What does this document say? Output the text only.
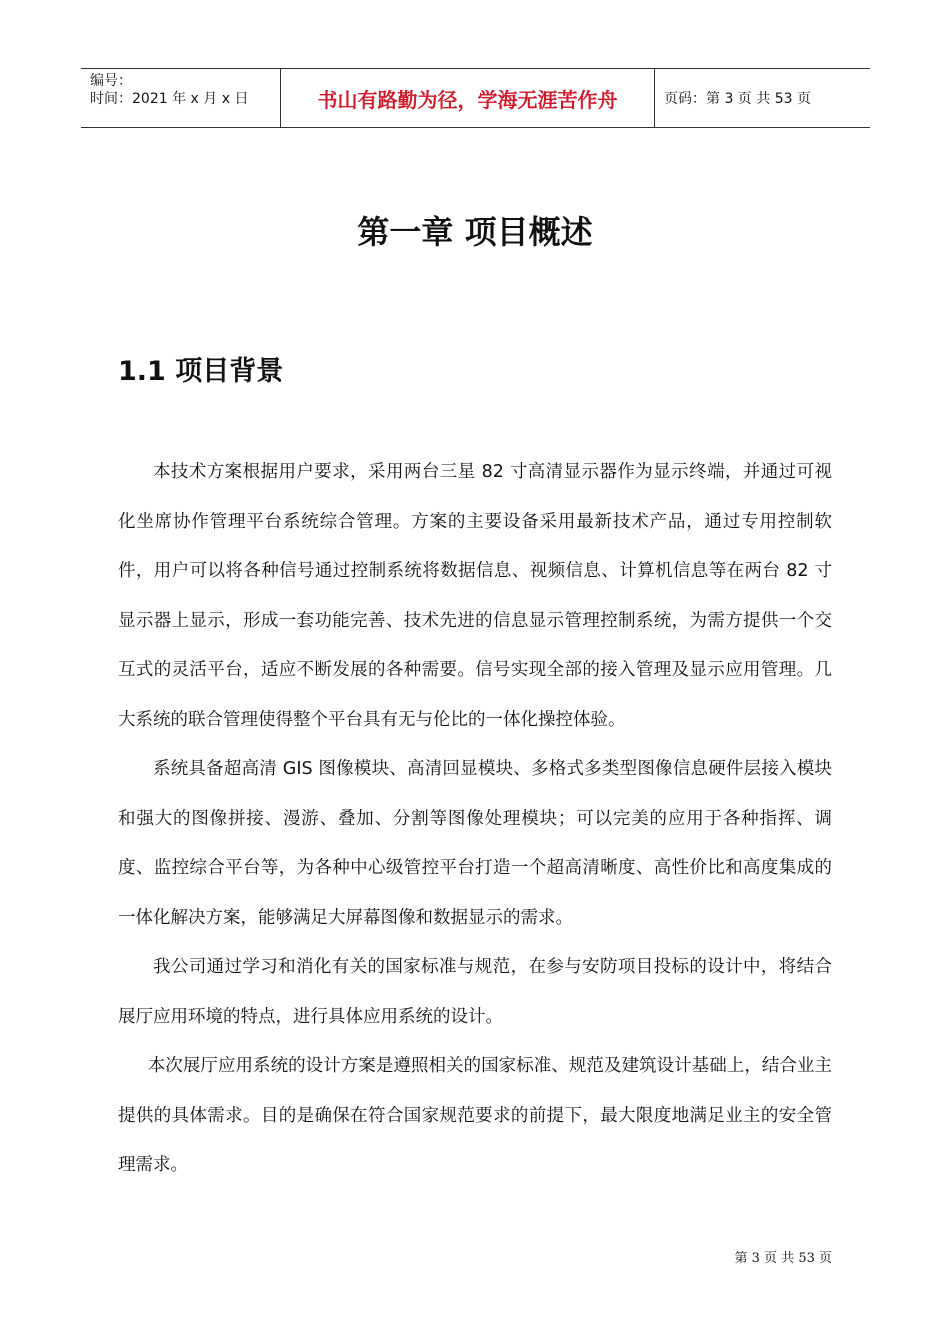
编号：
时间：2021 年 x 月 x 日	书山有路勤为径，学海无涯苦作舟	页码：第 3 页 共 53 页
第一章 项目概述
1.1 项目背景

本技术方案根据用户要求，采用两台三星 82 寸高清显示器作为显示终端，并通过可视化坐席协作管理平台系统综合管理。方案的主要设备采用最新技术产品，通过专用控制软件，用户可以将各种信号通过控制系统将数据信息、视频信息、计算机信息等在两台 82 寸显示器上显示，形成一套功能完善、技术先进的信息显示管理控制系统，为需方提供一个交互式的灵活平台，适应不断发展的各种需要。信号实现全部的接入管理及显示应用管理。几大系统的联合管理使得整个平台具有无与伦比的一体化操控体验。

系统具备超高清 GIS 图像模块、高清回显模块、多格式多类型图像信息硬件层接入模块和强大的图像拼接、漫游、叠加、分割等图像处理模块；可以完美的应用于各种指挥、调度、监控综合平台等，为各种中心级管控平台打造一个超高清晰度、高性价比和高度集成的一体化解决方案，能够满足大屏幕图像和数据显示的需求。

我公司通过学习和消化有关的国家标准与规范，在参与安防项目投标的设计中，将结合展厅应用环境的特点，进行具体应用系统的设计。

本次展厅应用系统的设计方案是遵照相关的国家标准、规范及建筑设计基础上，结合业主提供的具体需求。目的是确保在符合国家规范要求的前提下，最大限度地满足业主的安全管理需求。

第 3 页 共 53 页
